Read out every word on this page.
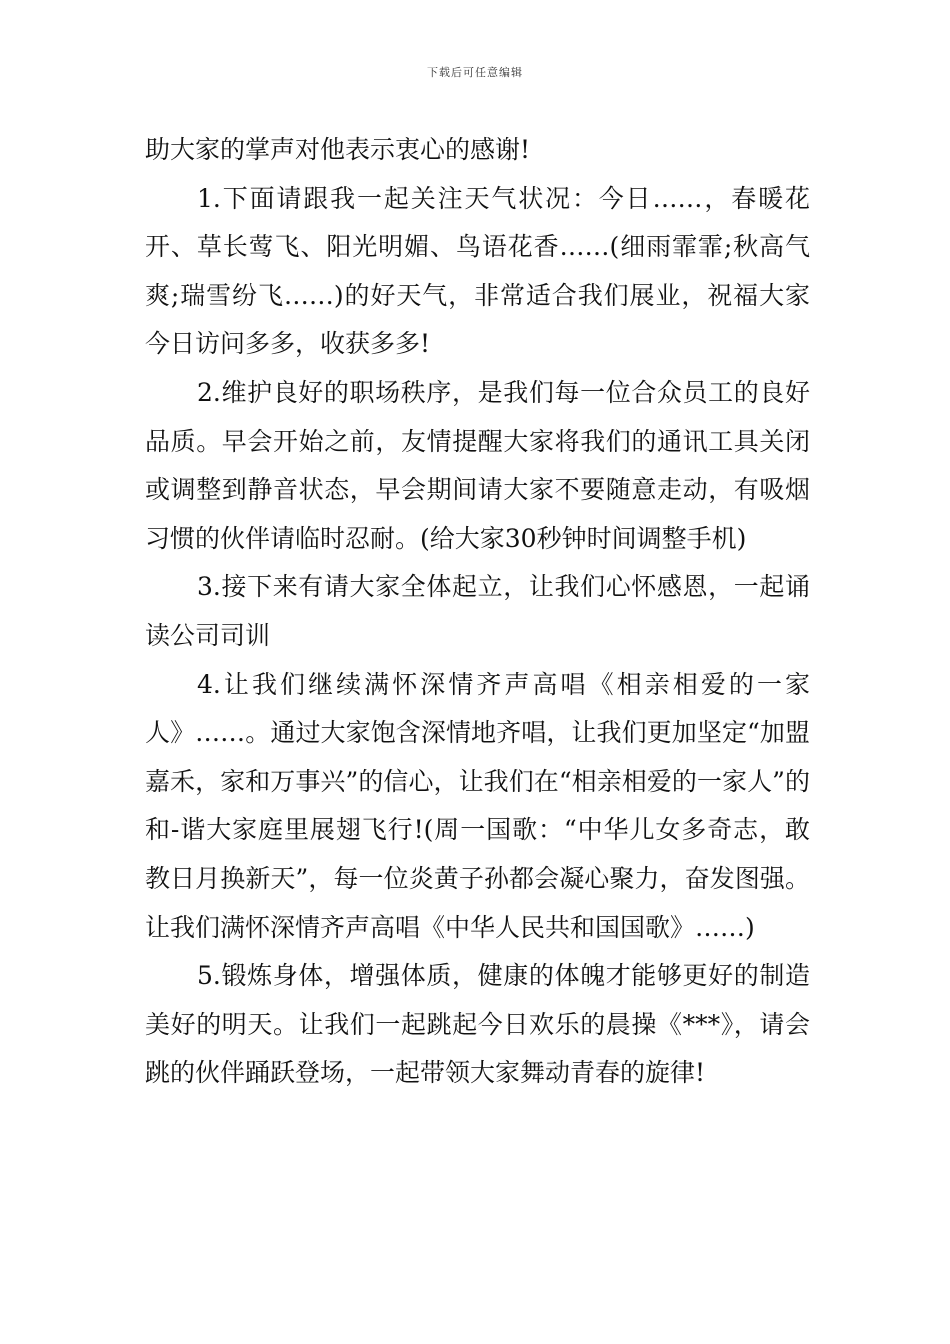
下载后可任意编辑

助大家的掌声对他表示衷心的感谢!

1.下面请跟我一起关注天气状况：今日……，春暖花开、草长莺飞、阳光明媚、鸟语花香……(细雨霏霏;秋高气爽;瑞雪纷飞……)的好天气，非常适合我们展业，祝福大家今日访问多多，收获多多!

2.维护良好的职场秩序，是我们每一位合众员工的良好品质。早会开始之前，友情提醒大家将我们的通讯工具关闭或调整到静音状态，早会期间请大家不要随意走动，有吸烟习惯的伙伴请临时忍耐。(给大家30秒钟时间调整手机)

3.接下来有请大家全体起立，让我们心怀感恩，一起诵读公司司训

4.让我们继续满怀深情齐声高唱《相亲相爱的一家人》……。通过大家饱含深情地齐唱，让我们更加坚定“加盟嘉禾，家和万事兴”的信心，让我们在“相亲相爱的一家人”的和-谐大家庭里展翅飞行!(周一国歌：“中华儿女多奇志，敢教日月换新天”，每一位炎黄子孙都会凝心聚力，奋发图强。让我们满怀深情齐声高唱《中华人民共和国国歌》……)

5.锻炼身体，增强体质，健康的体魄才能够更好的制造美好的明天。让我们一起跳起今日欢乐的晨操《***》，请会跳的伙伴踊跃登场，一起带领大家舞动青春的旋律!
